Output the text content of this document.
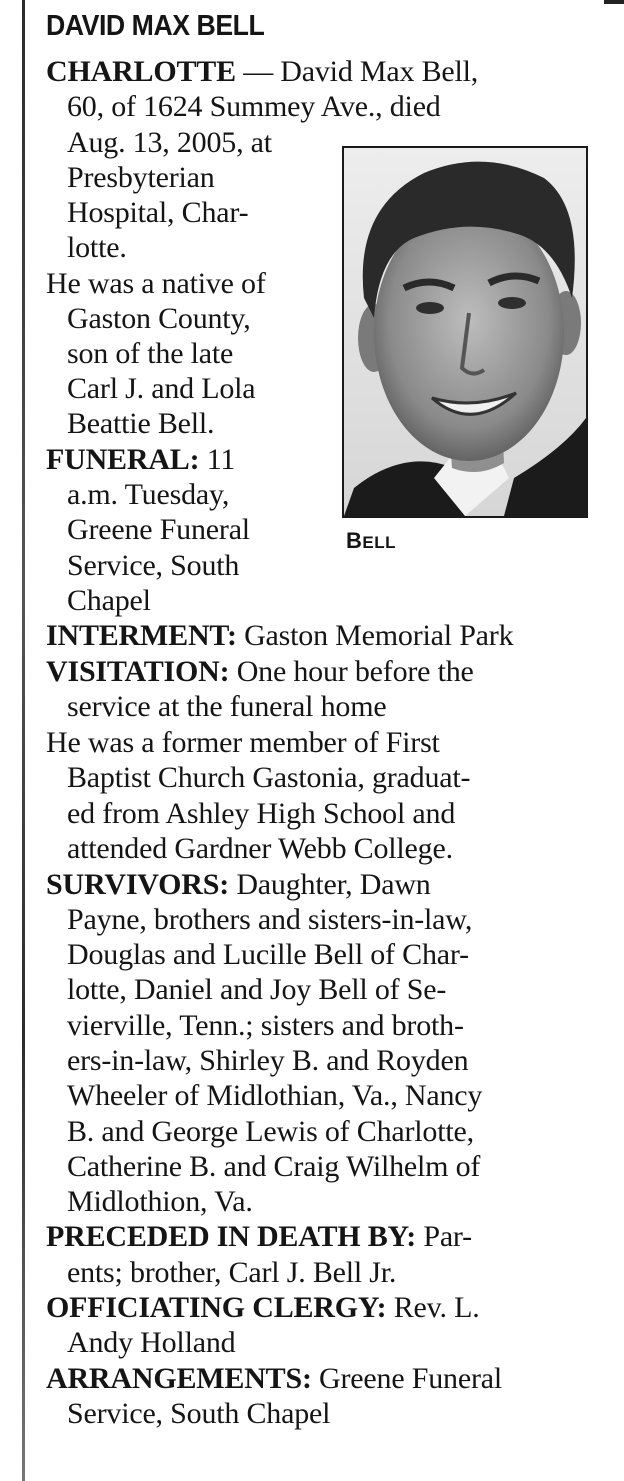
DAVID MAX BELL
BELL
CHARLOTTE — David Max Bell,
60, of 1624 Summey Ave., died
Aug. 13, 2005, at
Presbyterian
Hospital, Char-
lotte.
He was a native of
Gaston County,
son of the late
Carl J. and Lola
Beattie Bell.
FUNERAL: 11
a.m. Tuesday,
Greene Funeral
Service, South
Chapel
INTERMENT: Gaston Memorial Park
VISITATION: One hour before the
service at the funeral home
He was a former member of First
Baptist Church Gastonia, graduat-
ed from Ashley High School and
attended Gardner Webb College.
SURVIVORS: Daughter, Dawn
Payne, brothers and sisters-in-law,
Douglas and Lucille Bell of Char-
lotte, Daniel and Joy Bell of Se-
vierville, Tenn.; sisters and broth-
ers-in-law, Shirley B. and Royden
Wheeler of Midlothian, Va., Nancy
B. and George Lewis of Charlotte,
Catherine B. and Craig Wilhelm of
Midlothion, Va.
PRECEDED IN DEATH BY: Par-
ents; brother, Carl J. Bell Jr.
OFFICIATING CLERGY: Rev. L.
Andy Holland
ARRANGEMENTS: Greene Funeral
Service, South Chapel
